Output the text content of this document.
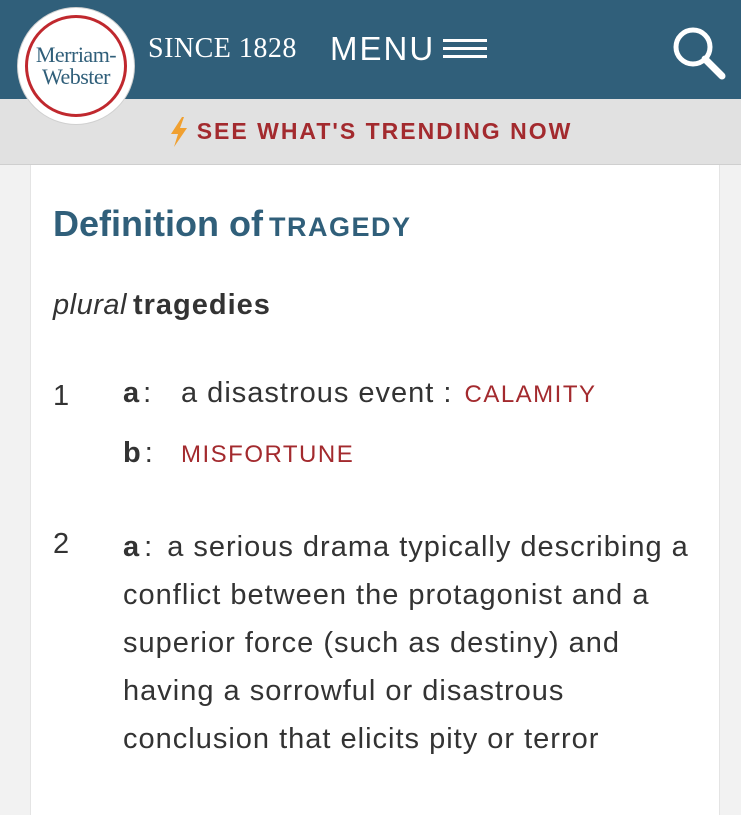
Merriam-
Webster
SINCE 1828 MENU
SEE WHAT'S TRENDING NOW
Definition of TRAGEDY
plural tragedies
1 a : a disastrous event : CALAMITY
b :	MISFORTUNE
2 a : a serious drama typically describing a conflict between the protagonist and a superior force (such as destiny) and having a sorrowful or disastrous conclusion that elicits pity or terror
